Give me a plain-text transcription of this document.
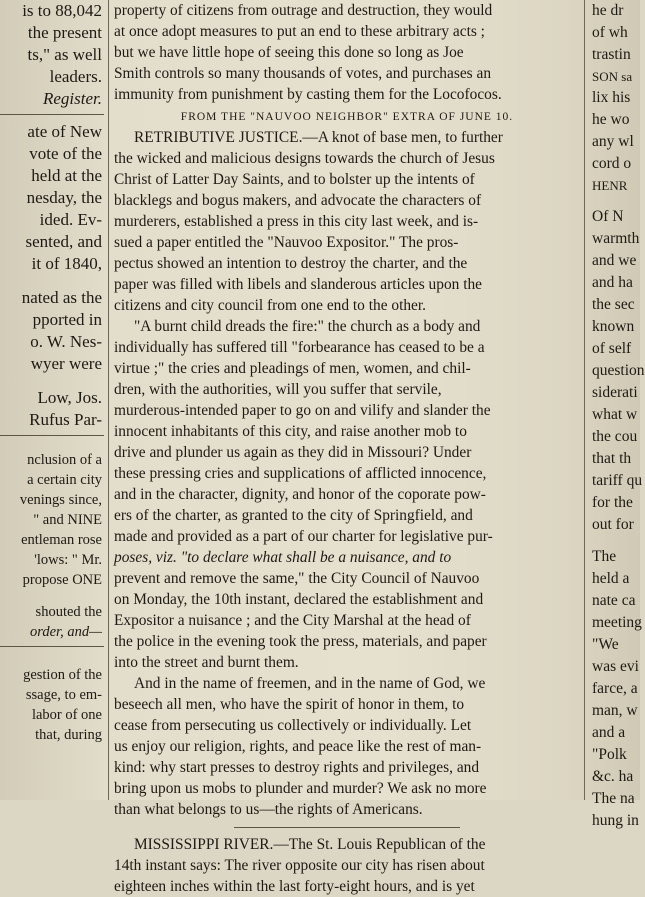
is to 88,042
the present
ts," as well
leaders.
Register.
ate of New
vote of the
held at the
nesday, the
ided. Ev-
sented, and
it of 1840,
nated as the
pported in
o. W. Nes-
wyer were
Low, Jos.
Rufus Par-
nclusion of a
a certain city
venings since,
" and NINE
entleman rose
'lows: " Mr.
propose ONE
shouted the
order, and—
gestion of the
ssage, to em-
labor of one
that, during
property of citizens from outrage and destruction, they would
at once adopt measures to put an end to these arbitrary acts ;
but we have little hope of seeing this done so long as Joe
Smith controls so many thousands of votes, and purchases an
immunity from punishment by casting them for the Locofocos.
FROM THE "NAUVOO NEIGHBOR" EXTRA OF JUNE 10.
RETRIBUTIVE JUSTICE.—A knot of base men, to further
the wicked and malicious designs towards the church of Jesus
Christ of Latter Day Saints, and to bolster up the intents of
blacklegs and bogus makers, and advocate the characters of
murderers, established a press in this city last week, and is-
sued a paper entitled the "Nauvoo Expositor." The pros-
pectus showed an intention to destroy the charter, and the
paper was filled with libels and slanderous articles upon the
citizens and city council from one end to the other.
"A burnt child dreads the fire:" the church as a body and
individually has suffered till "forbearance has ceased to be a
virtue ;" the cries and pleadings of men, women, and chil-
dren, with the authorities, will you suffer that servile,
murderous-intended paper to go on and vilify and slander the
innocent inhabitants of this city, and raise another mob to
drive and plunder us again as they did in Missouri? Under
these pressing cries and supplications of afflicted innocence,
and in the character, dignity, and honor of the coporate pow-
ers of the charter, as granted to the city of Springfield, and
made and provided as a part of our charter for legislative pur-
poses, viz. "to declare what shall be a nuisance, and to
prevent and remove the same," the City Council of Nauvoo
on Monday, the 10th instant, declared the establishment and
Expositor a nuisance ; and the City Marshal at the head of
the police in the evening took the press, materials, and paper
into the street and burnt them.
And in the name of freemen, and in the name of God, we
beseech all men, who have the spirit of honor in them, to
cease from persecuting us collectively or individually. Let
us enjoy our religion, rights, and peace like the rest of man-
kind: why start presses to destroy rights and privileges, and
bring upon us mobs to plunder and murder? We ask no more
than what belongs to us—the rights of Americans.
MISSISSIPPI RIVER.—The St. Louis Republican of the
14th instant says: The river opposite our city has risen about
eighteen inches within the last forty-eight hours, and is yet
he dr
of wh
trastin
SON sa
lix his
he wo
any wl
cord o
HENR
Of N
warmth
and we
and ha
the sec
known
of self
question
siderati
what w
the cou
that th
tariff qu
for the
out for
The
held a
nate ca
meeting
"We
was evi
farce, a
man, w
and a
"Polk
&c. ha
The na
hung in
